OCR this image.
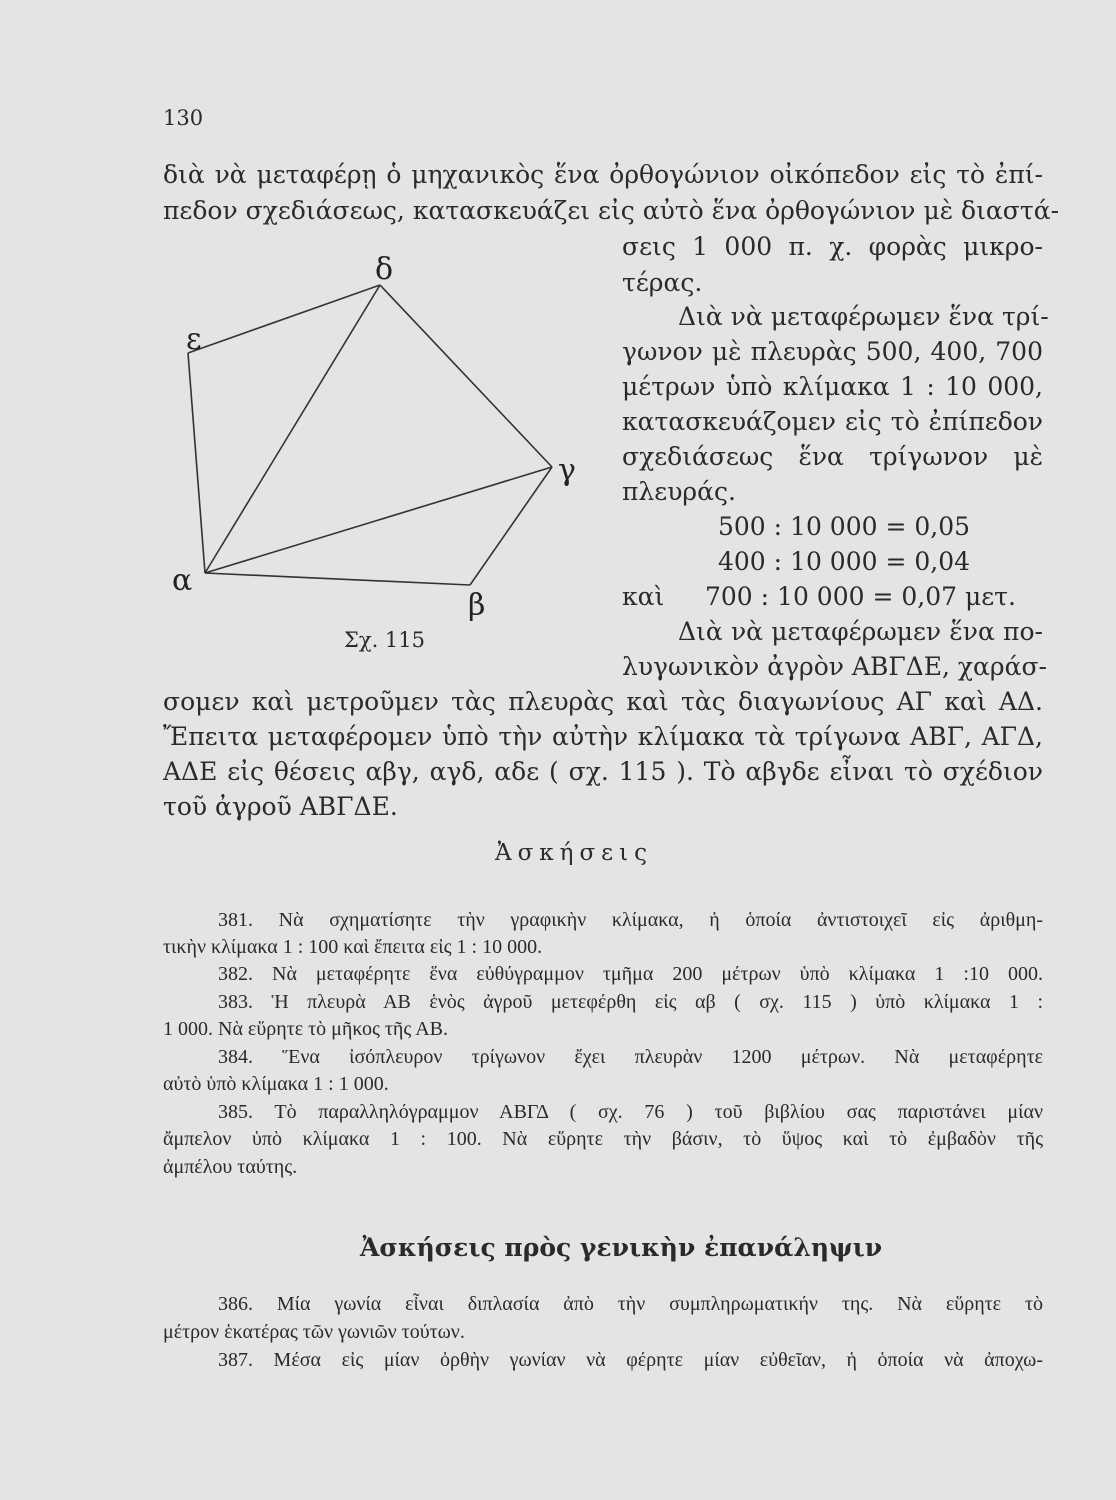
130
διὰ νὰ μεταφέρῃ ὁ μηχανικὸς ἕνα ὀρθογώνιον οἰκόπεδον εἰς τὸ ἐπί-
πεδον σχεδιάσεως, κατασκευάζει εἰς αὐτὸ ἕνα ὀρθογώνιον μὲ διαστά-
σεις 1 000 π. χ. φορὰς μικρο-
τέρας.
Διὰ νὰ μεταφέρωμεν ἕνα τρί-
γωνον μὲ πλευρὰς 500, 400, 700
μέτρων ὑπὸ κλίμακα 1 : 10 000,
κατασκευάζομεν εἰς τὸ ἐπίπεδον
σχεδιάσεως ἕνα τρίγωνον μὲ
πλευράς.
500 : 10 000 = 0,05
400 : 10 000 = 0,04
καὶ 700 : 10 000 = 0,07 μετ.
Διὰ νὰ μεταφέρωμεν ἕνα πο-
λυγωνικὸν ἀγρὸν ΑΒΓΔΕ, χαράσ-
α
β
γ
δ
ε
Σχ. 115
σομεν καὶ μετροῦμεν τὰς πλευρὰς καὶ τὰς διαγωνίους ΑΓ καὶ ΑΔ.
Ἔπειτα μεταφέρομεν ὑπὸ τὴν αὐτὴν κλίμακα τὰ τρίγωνα ΑΒΓ, ΑΓΔ,
ΑΔΕ εἰς θέσεις αβγ, αγδ, αδε ( σχ. 115 ). Τὸ αβγδε εἶναι τὸ σχέδιον
τοῦ ἀγροῦ ΑΒΓΔΕ.
Ἀσκήσεις
381. Νὰ σχηματίσητε τὴν γραφικὴν κλίμακα, ἡ ὁποία ἀντιστοιχεῖ εἰς ἀριθμη-
τικὴν κλίμακα 1 : 100 καὶ ἔπειτα εἰς 1 : 10 000.
382. Νὰ μεταφέρητε ἕνα εὐθύγραμμον τμῆμα 200 μέτρων ὑπὸ κλίμακα 1 :10 000.
383. Ἡ πλευρὰ ΑΒ ἑνὸς ἀγροῦ μετεφέρθη εἰς αβ ( σχ. 115 ) ὑπὸ κλίμακα 1 :
1 000. Νὰ εὕρητε τὸ μῆκος τῆς ΑΒ.
384. Ἕνα ἰσόπλευρον τρίγωνον ἔχει πλευρὰν 1200 μέτρων. Νὰ μεταφέρητε
αὐτὸ ὑπὸ κλίμακα 1 : 1 000.
385. Τὸ παραλληλόγραμμον ΑΒΓΔ ( σχ. 76 ) τοῦ βιβλίου σας παριστάνει μίαν
ἄμπελον ὑπὸ κλίμακα 1 : 100. Νὰ εὕρητε τὴν βάσιν, τὸ ὕψος καὶ τὸ ἐμβαδὸν τῆς
ἀμπέλου ταύτης.
Ἀσκήσεις πρὸς γενικὴν ἐπανάληψιν
386. Μία γωνία εἶναι διπλασία ἀπὸ τὴν συμπληρωματικήν της. Νὰ εὕρητε τὸ
μέτρον ἑκατέρας τῶν γωνιῶν τούτων.
387. Μέσα εἰς μίαν ὀρθὴν γωνίαν νὰ φέρητε μίαν εὐθεῖαν, ἡ ὁποία νὰ ἀποχω-
